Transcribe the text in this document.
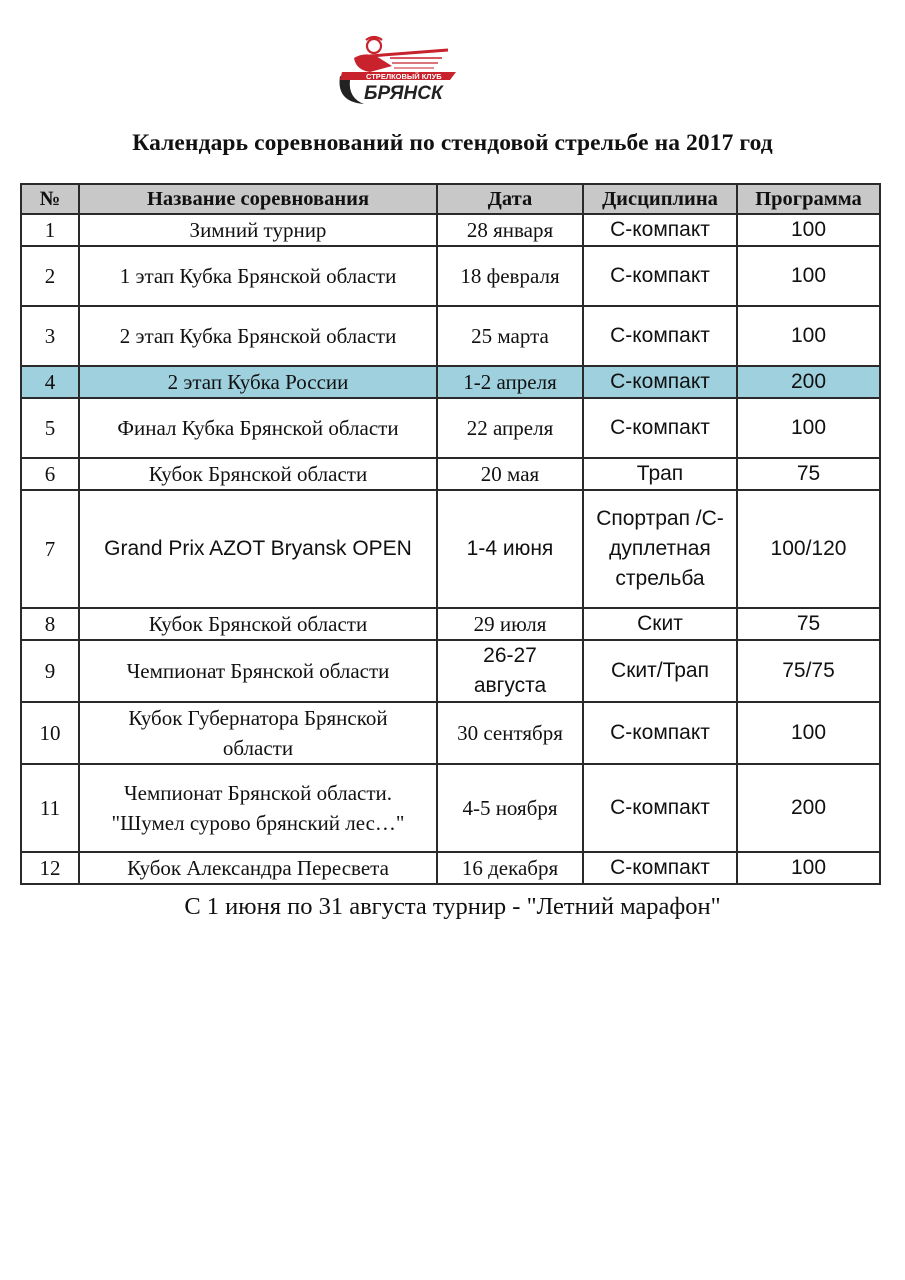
СТРЕЛКОВЫЙ КЛУБ
БРЯНСК
Календарь соревнований по стендовой стрельбе на 2017 год
№	Название соревнования	Дата	Дисциплина	Программа
1	Зимний турнир	28 января	С-компакт	100
2	1 этап Кубка Брянской области	18 февраля	С-компакт	100
3	2 этап Кубка Брянской области	25 марта	С-компакт	100
4	2 этап Кубка России	1-2 апреля	С-компакт	200
5	Финал Кубка Брянской области	22 апреля	С-компакт	100
6	Кубок Брянской области	20 мая	Трап	75
7	Grand Prix AZOT Bryansk OPEN	1-4 июня	Спортрап /С-дуплетная стрельба	100/120
8	Кубок Брянской области	29 июля	Скит	75
9	Чемпионат Брянской области	26-27 августа	Скит/Трап	75/75
10	Кубок Губернатора Брянской области	30 сентября	С-компакт	100
11	Чемпионат Брянской области. "Шумел сурово брянский лес…"	4-5 ноября	С-компакт	200
12	Кубок Александра Пересвета	16 декабря	С-компакт	100
С 1 июня по 31 августа турнир - "Летний марафон"
